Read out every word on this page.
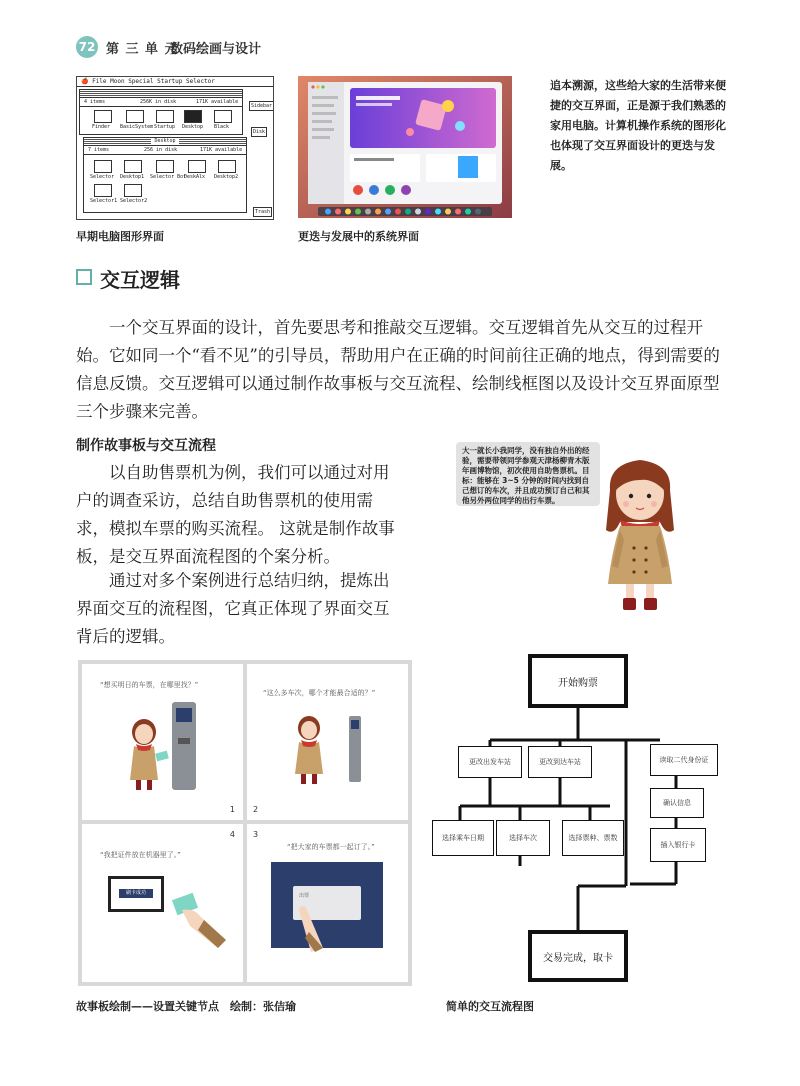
72 第 三 单 元
数码绘画与设计
🍎 File Moon Special Startup Selector
4 items	256K in disk	171K available
Finder BasicSystem Startup Desktop Black
Desktop
7 items	256 in disk	171K available
Selector Desktop1 Selector Bof
DeskAlx Desktop2
Selector1 Selector2
Sidebar
Disk
Trash
早期电脑图形界面	更迭与发展中的系统界面
追本溯源，这些给大家的生活带来便捷的交互界面，正是源于我们熟悉的家用电脑。计算机操作系统的图形化也体现了交互界面设计的更迭与发展。
交互逻辑
一个交互界面的设计，首先要思考和推敲交互逻辑。交互逻辑首先从交互的过程开始。它如同一个“看不见”的引导员，帮助用户在正确的时间前往正确的地点，得到需要的信息反馈。交互逻辑可以通过制作故事板与交互流程、绘制线框图以及设计交互界面原型三个步骤来完善。
制作故事板与交互流程
以自助售票机为例，我们可以通过对用户的调查采访，总结自助售票机的使用需求，模拟车票的购买流程。 这就是制作故事板，是交互界面流程图的个案分析。
通过对多个案例进行总结归纳，提炼出界面交互的流程图，它真正体现了界面交互背后的逻辑。
大一就长小我同学，没有独自外出的经验，需要带领同学参观天津杨柳青木版年画博物馆，初次使用自助售票机。目标：能够在 3~5 分钟的时间内找到自己想订的车次，并且成功预订自己和其他另外两位同学的出行车票。
“想买明日的车票，在哪里找？”
1
“这么多车次，哪个才能最合适的？”
2
4
“我把证件放在机器里了。”
刷卡成功
3
“把大家的车票都一起订了。”
出票
故事板绘制——设置关键节点　绘制：张佶瑜
开始购票
更改出发车站	更改到达车站
选择乘车日期	选择车次	选择票种、票数
读取二代身份证
确认信息
插入银行卡
交易完成，取卡
简单的交互流程图
